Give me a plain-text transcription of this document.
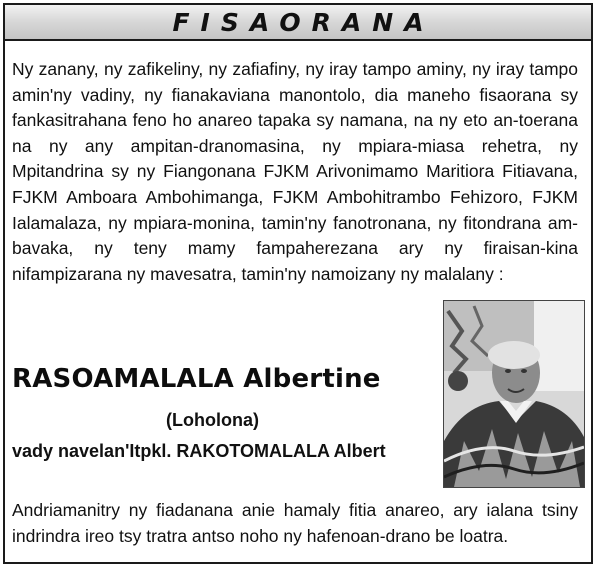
FISAORANA

Ny zanany, ny zafikeliny, ny zafiafiny, ny iray tampo aminy, ny iray tampo amin'ny vadiny, ny fianakaviana manontolo, dia maneho fisaorana sy fankasitrahana feno ho anareo tapaka sy namana, na ny eto an-toerana na ny any ampitan-dranomasina, ny mpiara-miasa rehetra, ny Mpitandrina sy ny Fiangonana FJKM Arivonimamo Maritiora Fitiavana, FJKM Amboara Ambohimanga, FJKM Ambohitrambo Fehizoro, FJKM Ialamalaza, ny mpiara-monina, tamin'ny fanotronana, ny fitondrana am-bavaka, ny teny mamy fampaherezana ary ny firaisan-kina nifampizarana ny mavesatra, tamin'ny namoizany ny malalany :

RASOAMALALA Albertine

(Loholona)

vady navelan'Itpkl. RAKOTOMALALA Albert

Andriamanitry ny fiadanana anie hamaly fitia anareo, ary ialana tsiny indrindra ireo tsy tratra antso noho ny hafenoan-drano be loatra.
